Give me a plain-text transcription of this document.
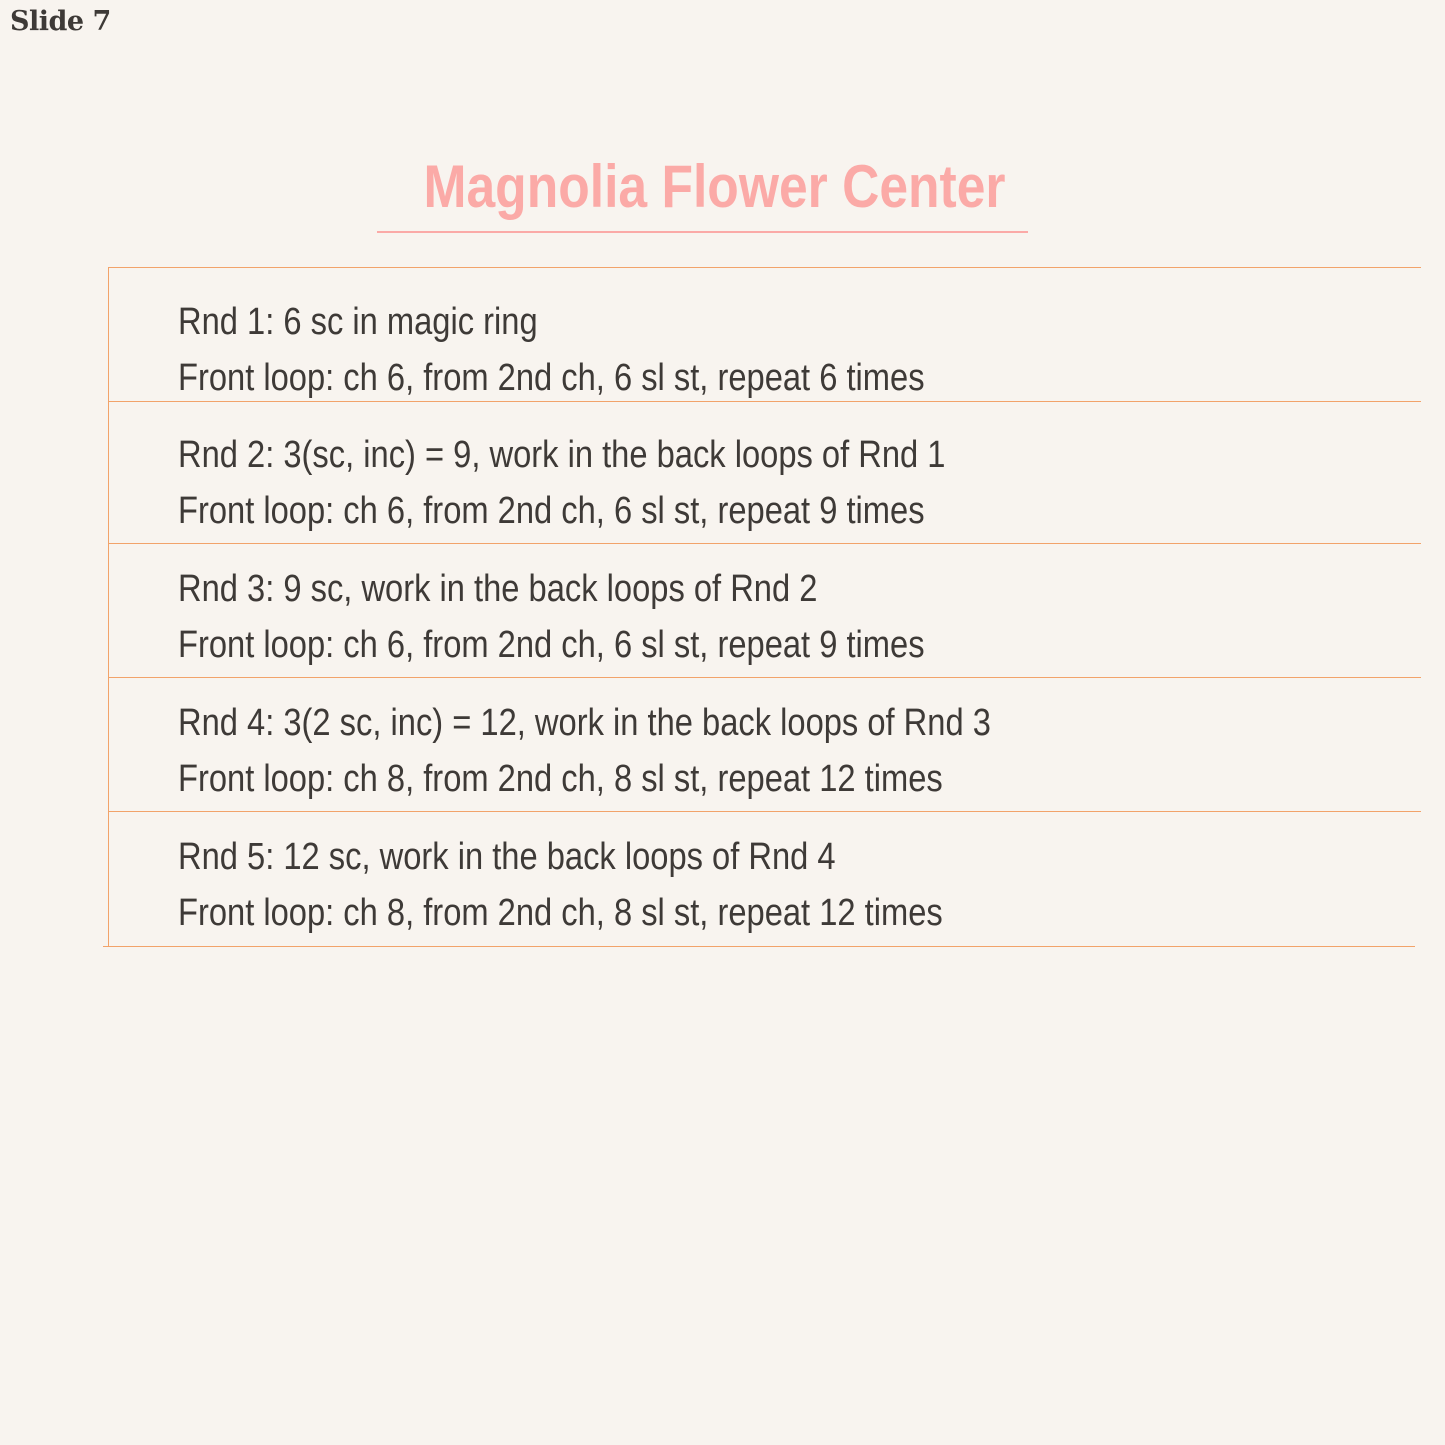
Slide 7
Magnolia Flower Center
Rnd 1: 6 sc in magic ring
Front loop: ch 6, from 2nd ch, 6 sl st, repeat 6 times
Rnd 2: 3(sc, inc) = 9, work in the back loops of Rnd 1
Front loop: ch 6, from 2nd ch, 6 sl st, repeat 9 times
Rnd 3: 9 sc, work in the back loops of Rnd 2
Front loop: ch 6, from 2nd ch, 6 sl st, repeat 9 times
Rnd 4: 3(2 sc, inc) = 12, work in the back loops of Rnd 3
Front loop: ch 8, from 2nd ch, 8 sl st, repeat 12 times
Rnd 5: 12 sc, work in the back loops of Rnd 4
Front loop: ch 8, from 2nd ch, 8 sl st, repeat 12 times
